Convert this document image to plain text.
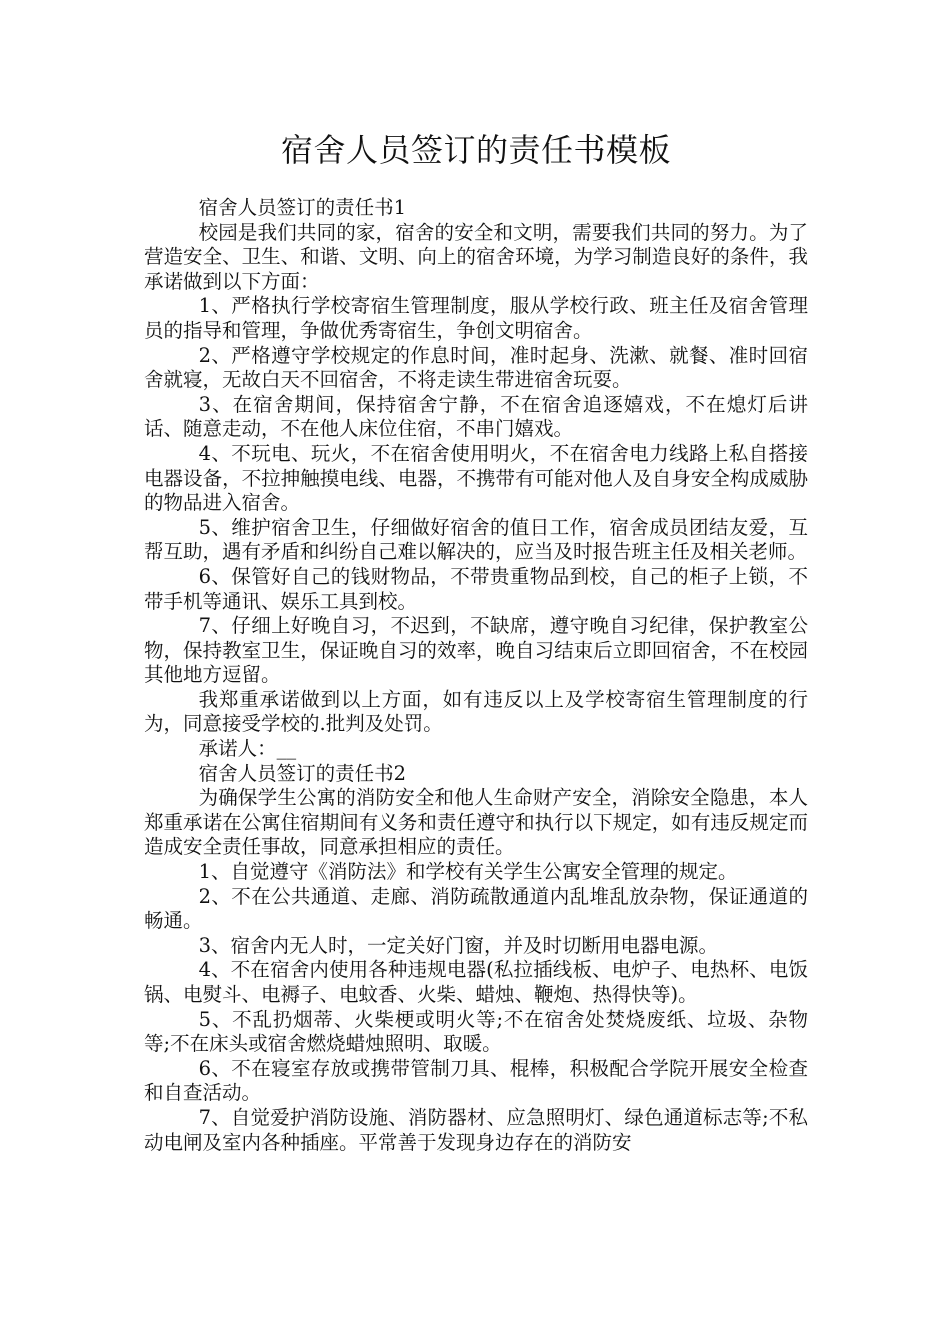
宿舍人员签订的责任书模板

宿舍人员签订的责任书1

校园是我们共同的家，宿舍的安全和文明，需要我们共同的努力。为了营造安全、卫生、和谐、文明、向上的宿舍环境，为学习制造良好的条件，我承诺做到以下方面：

1、严格执行学校寄宿生管理制度，服从学校行政、班主任及宿舍管理员的指导和管理，争做优秀寄宿生，争创文明宿舍。

2、严格遵守学校规定的作息时间，准时起身、洗漱、就餐、准时回宿舍就寝，无故白天不回宿舍，不将走读生带进宿舍玩耍。

3、在宿舍期间，保持宿舍宁静，不在宿舍追逐嬉戏，不在熄灯后讲话、随意走动，不在他人床位住宿，不串门嬉戏。

4、不玩电、玩火，不在宿舍使用明火，不在宿舍电力线路上私自搭接电器设备，不拉抻触摸电线、电器，不携带有可能对他人及自身安全构成威胁的物品进入宿舍。

5、维护宿舍卫生，仔细做好宿舍的值日工作，宿舍成员团结友爱，互帮互助，遇有矛盾和纠纷自己难以解决的，应当及时报告班主任及相关老师。

6、保管好自己的钱财物品，不带贵重物品到校，自己的柜子上锁，不带手机等通讯、娱乐工具到校。

7、仔细上好晚自习，不迟到，不缺席，遵守晚自习纪律，保护教室公物，保持教室卫生，保证晚自习的效率，晚自习结束后立即回宿舍，不在校园其他地方逗留。

我郑重承诺做到以上方面，如有违反以上及学校寄宿生管理制度的行为，同意接受学校的.批判及处罚。

承诺人：__

宿舍人员签订的责任书2

为确保学生公寓的消防安全和他人生命财产安全，消除安全隐患，本人郑重承诺在公寓住宿期间有义务和责任遵守和执行以下规定，如有违反规定而造成安全责任事故，同意承担相应的责任。

1、自觉遵守《消防法》和学校有关学生公寓安全管理的规定。

2、不在公共通道、走廊、消防疏散通道内乱堆乱放杂物，保证通道的畅通。

3、宿舍内无人时，一定关好门窗，并及时切断用电器电源。

4、不在宿舍内使用各种违规电器(私拉插线板、电炉子、电热杯、电饭锅、电熨斗、电褥子、电蚊香、火柴、蜡烛、鞭炮、热得快等)。

5、不乱扔烟蒂、火柴梗或明火等;不在宿舍处焚烧废纸、垃圾、杂物等;不在床头或宿舍燃烧蜡烛照明、取暖。

6、不在寝室存放或携带管制刀具、棍棒，积极配合学院开展安全检查和自查活动。

7、自觉爱护消防设施、消防器材、应急照明灯、绿色通道标志等;不私动电闸及室内各种插座。平常善于发现身边存在的消防安
